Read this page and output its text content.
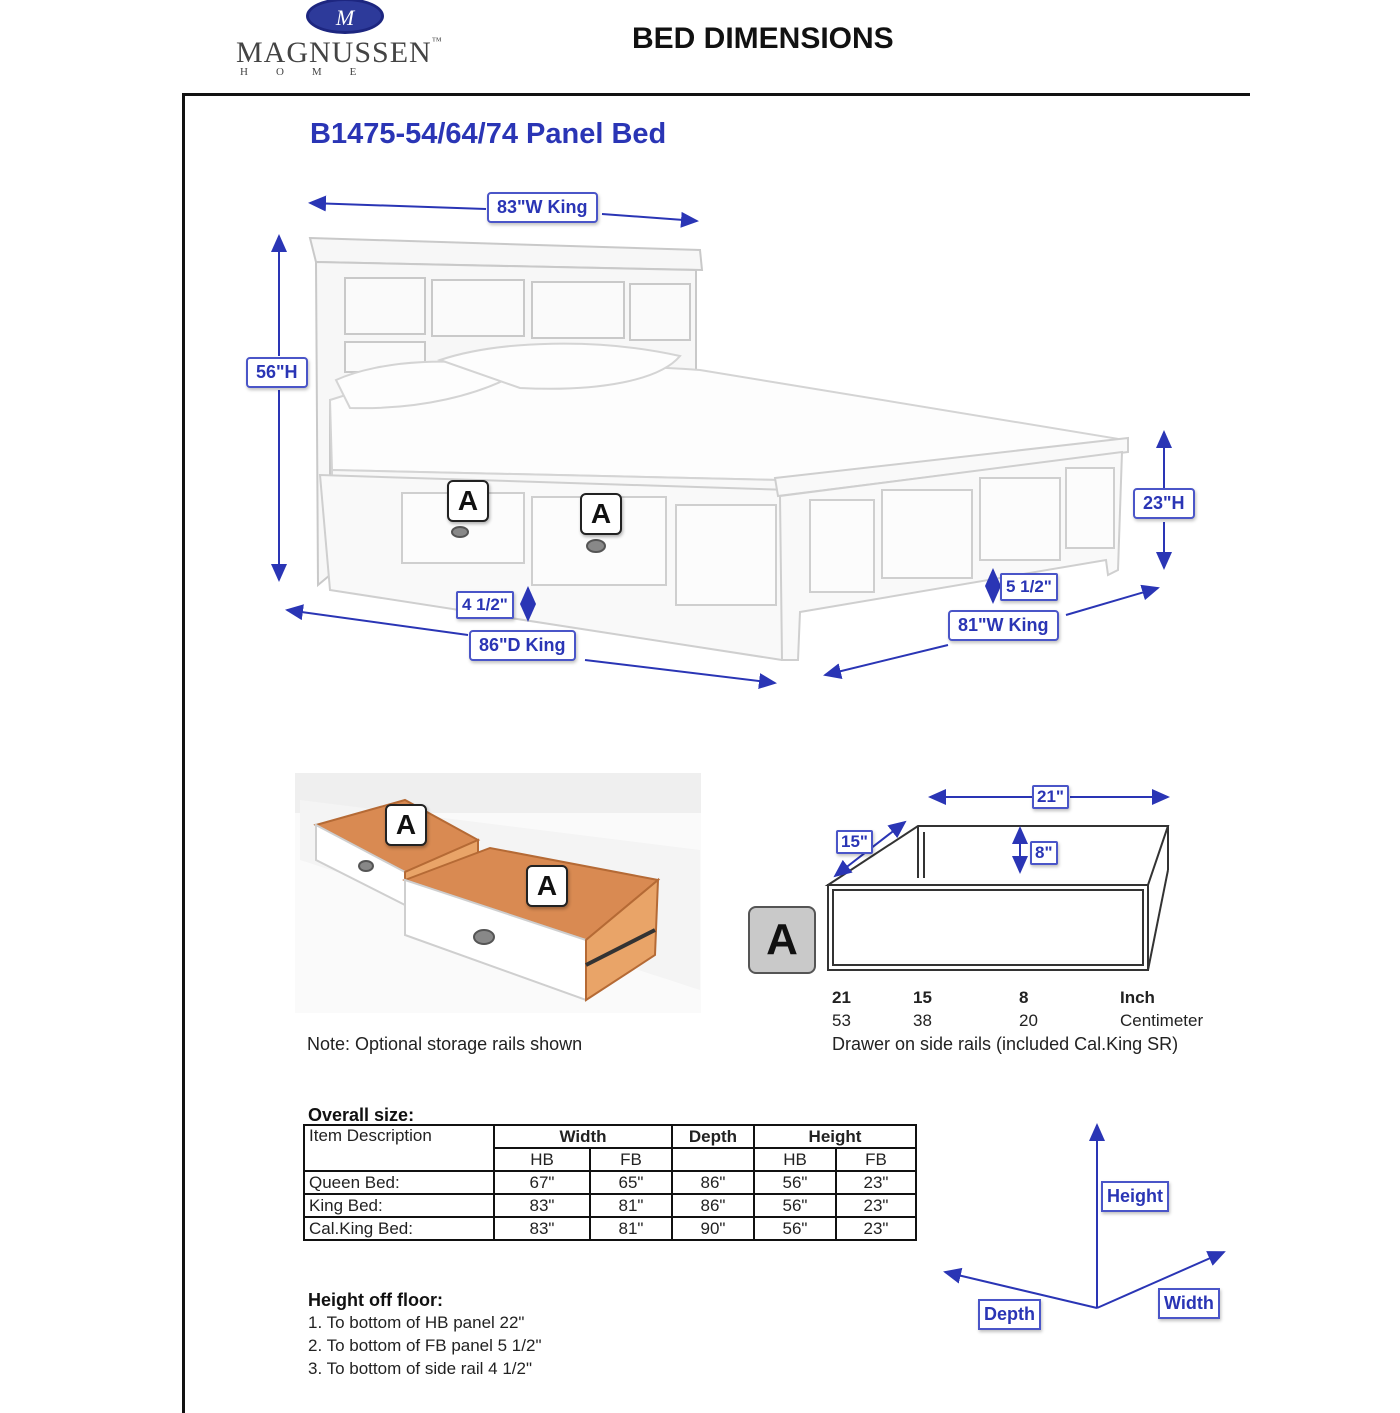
M
MAGNUSSEN™
HOME
BED DIMENSIONS
B1475-54/64/74 Panel Bed
83"W King
56"H
23"H
86"D King
81"W King
4 1/2"
5 1/2"
A	A
A
A
A
21"
15"
8"
21	15	8	Inch
53	38	20	Centimeter
Drawer on side rails (included Cal.King SR)
Note: Optional storage rails shown
Overall size:
Item Description	Width		Depth	Height	
	HB	FB		HB	FB
Queen Bed:	67"	65"	86"	56"	23"
King Bed:	83"	81"	86"	56"	23"
Cal.King Bed:	83"	81"	90"	56"	23"
Height off floor:
1. To bottom of HB panel 22"
2. To bottom of FB panel 5 1/2"
3. To bottom of side rail 4 1/2"
Height
Width
Depth
